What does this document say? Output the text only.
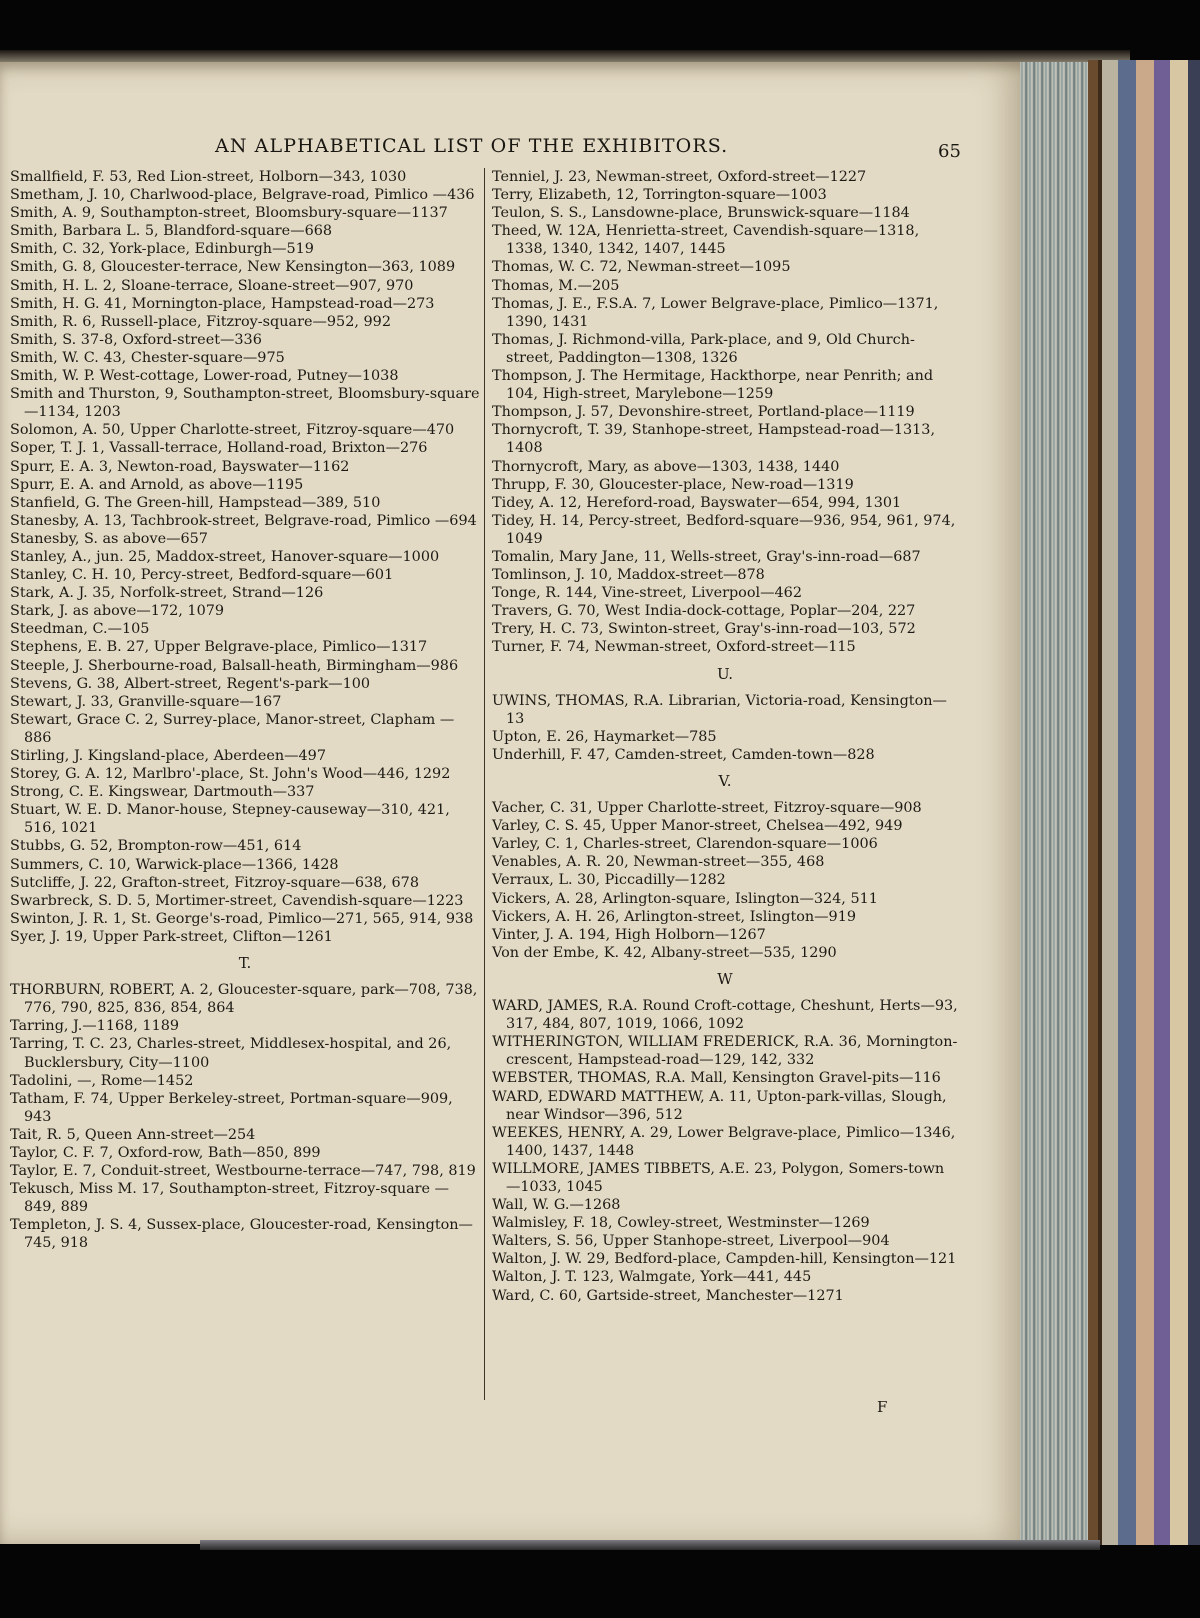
AN ALPHABETICAL LIST OF THE EXHIBITORS.	65
Smallfield, F. 53, Red Lion-street, Holborn—343, 1030
Smetham, J. 10, Charlwood-place, Belgrave-road, Pimlico —436
Smith, A. 9, Southampton-street, Bloomsbury-square—1137
Smith, Barbara L. 5, Blandford-square—668
Smith, C. 32, York-place, Edinburgh—519
Smith, G. 8, Gloucester-terrace, New Kensington—363, 1089
Smith, H. L. 2, Sloane-terrace, Sloane-street—907, 970
Smith, H. G. 41, Mornington-place, Hampstead-road—273
Smith, R. 6, Russell-place, Fitzroy-square—952, 992
Smith, S. 37-8, Oxford-street—336
Smith, W. C. 43, Chester-square—975
Smith, W. P. West-cottage, Lower-road, Putney—1038
Smith and Thurston, 9, Southampton-street, Bloomsbury-square—1134, 1203
Solomon, A. 50, Upper Charlotte-street, Fitzroy-square—470
Soper, T. J. 1, Vassall-terrace, Holland-road, Brixton—276
Spurr, E. A. 3, Newton-road, Bayswater—1162
Spurr, E. A. and Arnold, as above—1195
Stanfield, G. The Green-hill, Hampstead—389, 510
Stanesby, A. 13, Tachbrook-street, Belgrave-road, Pimlico —694
Stanesby, S. as above—657
Stanley, A., jun. 25, Maddox-street, Hanover-square—1000
Stanley, C. H. 10, Percy-street, Bedford-square—601
Stark, A. J. 35, Norfolk-street, Strand—126
Stark, J. as above—172, 1079
Steedman, C.—105
Stephens, E. B. 27, Upper Belgrave-place, Pimlico—1317
Steeple, J. Sherbourne-road, Balsall-heath, Birmingham—986
Stevens, G. 38, Albert-street, Regent's-park—100
Stewart, J. 33, Granville-square—167
Stewart, Grace C. 2, Surrey-place, Manor-street, Clapham —886
Stirling, J. Kingsland-place, Aberdeen—497
Storey, G. A. 12, Marlbro'-place, St. John's Wood—446, 1292
Strong, C. E. Kingswear, Dartmouth—337
Stuart, W. E. D. Manor-house, Stepney-causeway—310, 421, 516, 1021
Stubbs, G. 52, Brompton-row—451, 614
Summers, C. 10, Warwick-place—1366, 1428
Sutcliffe, J. 22, Grafton-street, Fitzroy-square—638, 678
Swarbreck, S. D. 5, Mortimer-street, Cavendish-square—1223
Swinton, J. R. 1, St. George's-road, Pimlico—271, 565, 914, 938
Syer, J. 19, Upper Park-street, Clifton—1261
T.
THORBURN, ROBERT, A. 2, Gloucester-square, park—708, 738, 776, 790, 825, 836, 854, 864
Tarring, J.—1168, 1189
Tarring, T. C. 23, Charles-street, Middlesex-hospital, and 26, Bucklersbury, City—1100
Tadolini, —, Rome—1452
Tatham, F. 74, Upper Berkeley-street, Portman-square—909, 943
Tait, R. 5, Queen Ann-street—254
Taylor, C. F. 7, Oxford-row, Bath—850, 899
Taylor, E. 7, Conduit-street, Westbourne-terrace—747, 798, 819
Tekusch, Miss M. 17, Southampton-street, Fitzroy-square —849, 889
Templeton, J. S. 4, Sussex-place, Gloucester-road, Kensington—745, 918
Tenniel, J. 23, Newman-street, Oxford-street—1227
Terry, Elizabeth, 12, Torrington-square—1003
Teulon, S. S., Lansdowne-place, Brunswick-square—1184
Theed, W. 12A, Henrietta-street, Cavendish-square—1318, 1338, 1340, 1342, 1407, 1445
Thomas, W. C. 72, Newman-street—1095
Thomas, M.—205
Thomas, J. E., F.S.A. 7, Lower Belgrave-place, Pimlico—1371, 1390, 1431
Thomas, J. Richmond-villa, Park-place, and 9, Old Church-street, Paddington—1308, 1326
Thompson, J. The Hermitage, Hackthorpe, near Penrith; and 104, High-street, Marylebone—1259
Thompson, J. 57, Devonshire-street, Portland-place—1119
Thornycroft, T. 39, Stanhope-street, Hampstead-road—1313, 1408
Thornycroft, Mary, as above—1303, 1438, 1440
Thrupp, F. 30, Gloucester-place, New-road—1319
Tidey, A. 12, Hereford-road, Bayswater—654, 994, 1301
Tidey, H. 14, Percy-street, Bedford-square—936, 954, 961, 974, 1049
Tomalin, Mary Jane, 11, Wells-street, Gray's-inn-road—687
Tomlinson, J. 10, Maddox-street—878
Tonge, R. 144, Vine-street, Liverpool—462
Travers, G. 70, West India-dock-cottage, Poplar—204, 227
Trery, H. C. 73, Swinton-street, Gray's-inn-road—103, 572
Turner, F. 74, Newman-street, Oxford-street—115
U.
UWINS, THOMAS, R.A. Librarian, Victoria-road, Kensington—13
Upton, E. 26, Haymarket—785
Underhill, F. 47, Camden-street, Camden-town—828
V.
Vacher, C. 31, Upper Charlotte-street, Fitzroy-square—908
Varley, C. S. 45, Upper Manor-street, Chelsea—492, 949
Varley, C. 1, Charles-street, Clarendon-square—1006
Venables, A. R. 20, Newman-street—355, 468
Verraux, L. 30, Piccadilly—1282
Vickers, A. 28, Arlington-square, Islington—324, 511
Vickers, A. H. 26, Arlington-street, Islington—919
Vinter, J. A. 194, High Holborn—1267
Von der Embe, K. 42, Albany-street—535, 1290
W
WARD, JAMES, R.A. Round Croft-cottage, Cheshunt, Herts—93, 317, 484, 807, 1019, 1066, 1092
WITHERINGTON, WILLIAM FREDERICK, R.A. 36, Mornington-crescent, Hampstead-road—129, 142, 332
WEBSTER, THOMAS, R.A. Mall, Kensington Gravel-pits—116
WARD, EDWARD MATTHEW, A. 11, Upton-park-villas, Slough, near Windsor—396, 512
WEEKES, HENRY, A. 29, Lower Belgrave-place, Pimlico—1346, 1400, 1437, 1448
WILLMORE, JAMES TIBBETS, A.E. 23, Polygon, Somers-town—1033, 1045
Wall, W. G.—1268
Walmisley, F. 18, Cowley-street, Westminster—1269
Walters, S. 56, Upper Stanhope-street, Liverpool—904
Walton, J. W. 29, Bedford-place, Campden-hill, Kensington—121
Walton, J. T. 123, Walmgate, York—441, 445
Ward, C. 60, Gartside-street, Manchester—1271
F
